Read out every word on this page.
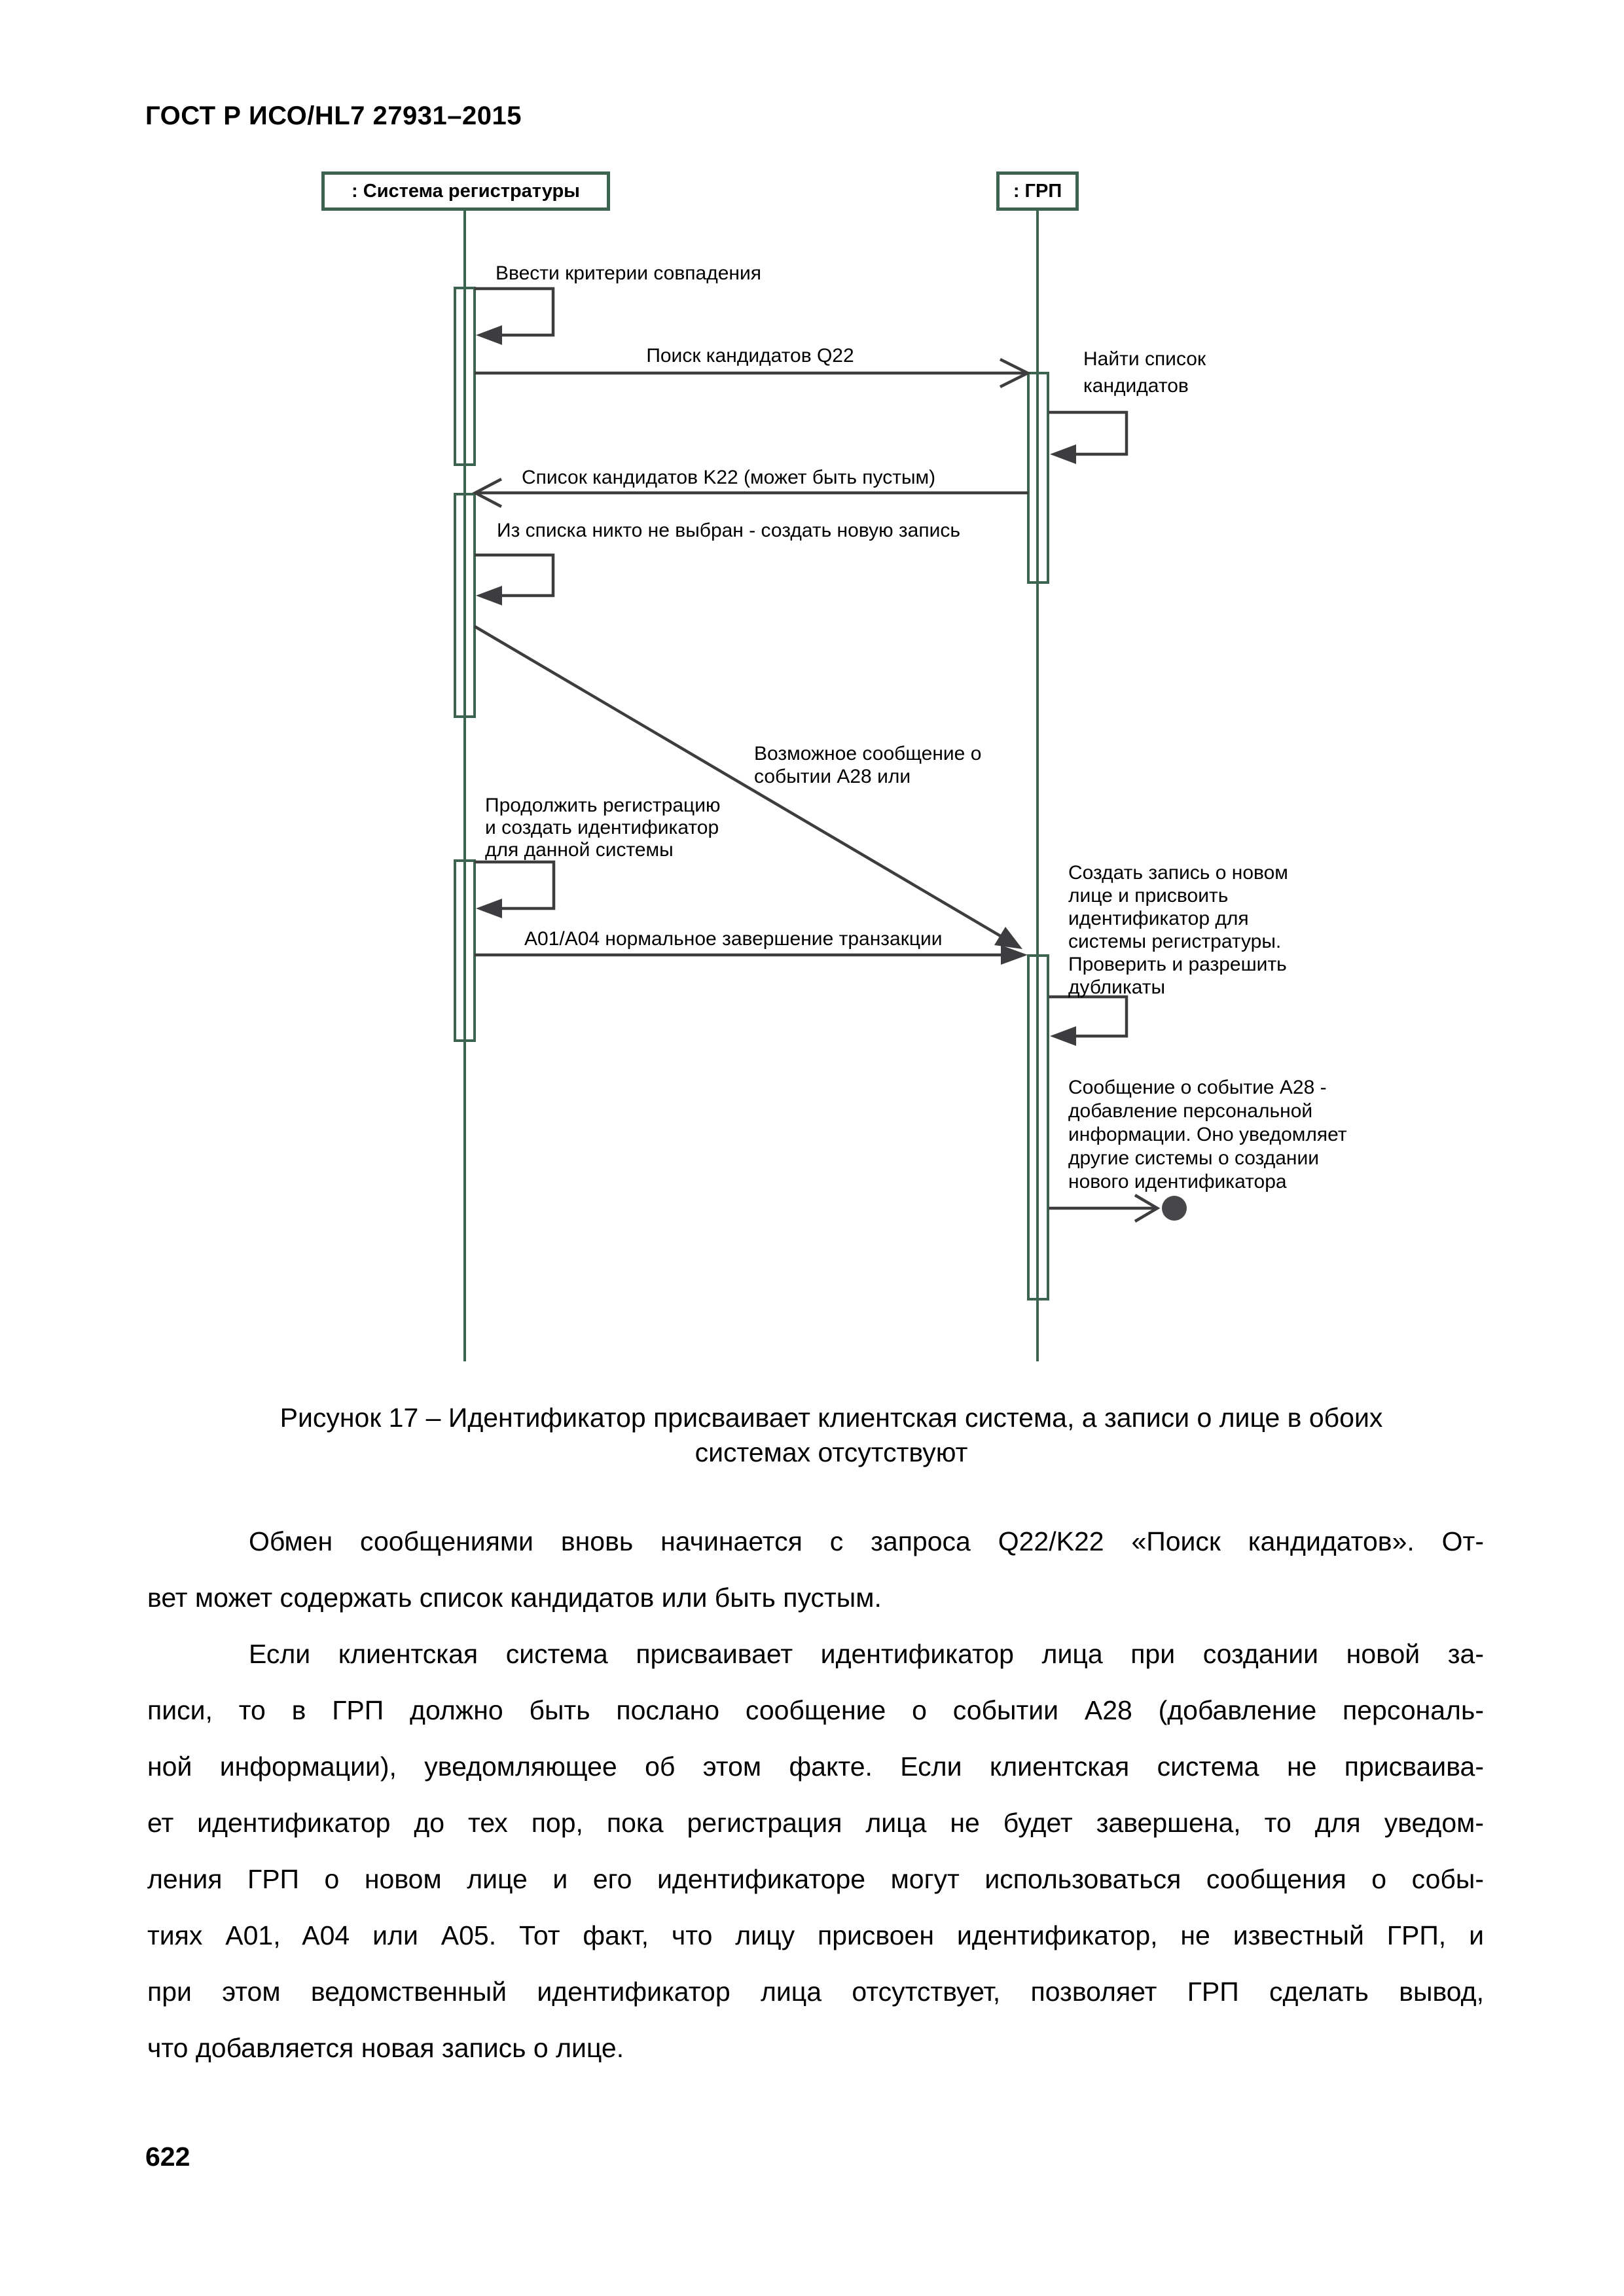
ГОСТ Р ИСО/HL7 27931–2015
: Система регистратуры	: ГРП
Ввести критерии совпадения
Поиск кандидатов Q22	Найти список
кандидатов
Список кандидатов K22 (может быть пустым)
Из списка никто не выбран - создать новую запись
Возможное сообщение о
событии A28 или
Продолжить регистрацию
и создать идентификатор
для данной системы
A01/A04 нормальное завершение транзакции
Создать запись о новом
лице и присвоить
идентификатор для
системы регистратуры.
Проверить и разрешить
дубликаты
Сообщение о событие A28 -
добавление персональной
информации. Оно уведомляет
другие системы о создании
нового идентификатора
Рисунок 17 – Идентификатор присваивает клиентская система, а записи о лице в обоих
системах отсутствуют
Обмен сообщениями вновь начинается с запроса Q22/K22 «Поиск кандидатов». От-
вет может содержать список кандидатов или быть пустым.
Если клиентская система присваивает идентификатор лица при создании новой за-
писи, то в ГРП должно быть послано сообщение о событии A28 (добавление персональ-
ной информации), уведомляющее об этом факте. Если клиентская система не присваива-
ет идентификатор до тех пор, пока регистрация лица не будет завершена, то для уведом-
ления ГРП о новом лице и его идентификаторе могут использоваться сообщения о собы-
тиях A01, A04 или A05. Тот факт, что лицу присвоен идентификатор, не известный ГРП, и
при этом ведомственный идентификатор лица отсутствует, позволяет ГРП сделать вывод,
что добавляется новая запись о лице.
622
